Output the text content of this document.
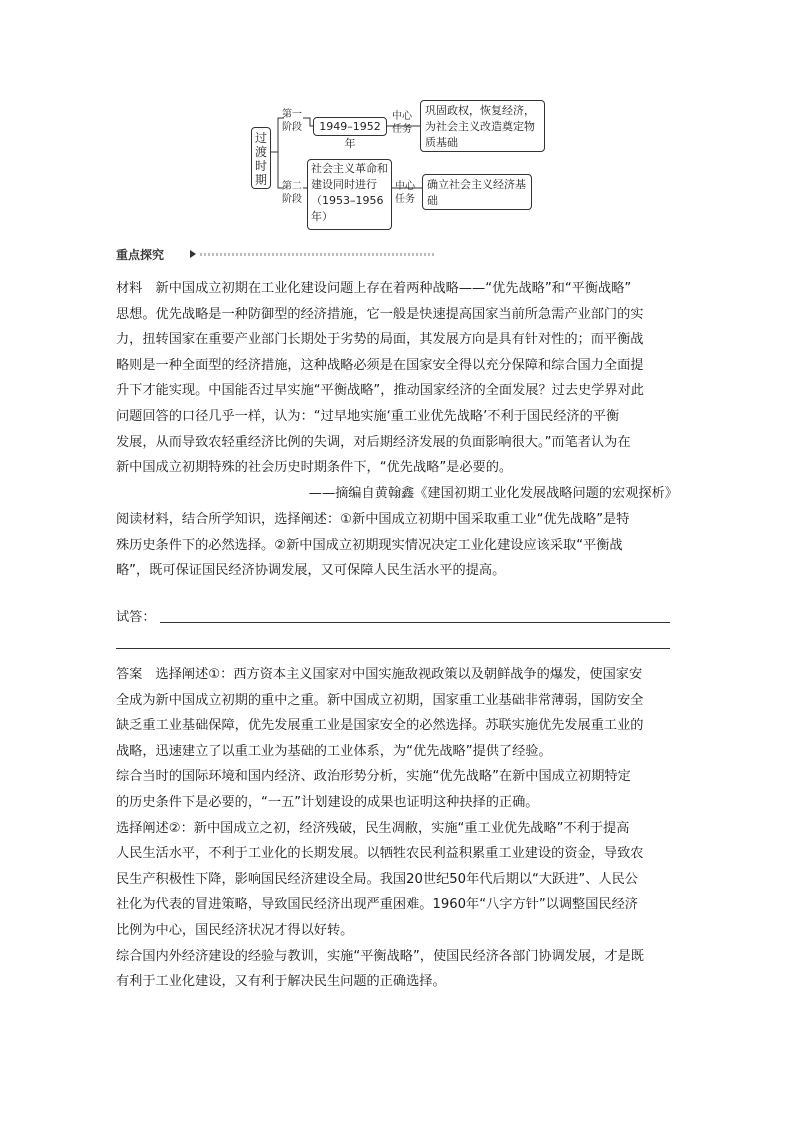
过
渡
时
期
第一
阶段	1949–1952年
中心
任务
巩固政权，恢复经济，为社会主义改造奠定物质基础
第二
阶段
社会主义革命和建设同时进行（1953–1956年）
中心
任务
确立社会主义经济基础
重点探究
材料　新中国成立初期在工业化建设问题上存在着两种战略——“优先战略”和“平衡战略”
思想。优先战略是一种防御型的经济措施，它一般是快速提高国家当前所急需产业部门的实
力，扭转国家在重要产业部门长期处于劣势的局面，其发展方向是具有针对性的；而平衡战
略则是一种全面型的经济措施，这种战略必须是在国家安全得以充分保障和综合国力全面提
升下才能实现。中国能否过早实施“平衡战略”，推动国家经济的全面发展？过去史学界对此
问题回答的口径几乎一样，认为：“过早地实施‘重工业优先战略’不利于国民经济的平衡
发展，从而导致农轻重经济比例的失调，对后期经济发展的负面影响很大。”而笔者认为在
新中国成立初期特殊的社会历史时期条件下，“优先战略”是必要的。
——摘编自黄翰鑫《建国初期工业化发展战略问题的宏观探析》
阅读材料，结合所学知识，选择阐述：①新中国成立初期中国采取重工业“优先战略”是特
殊历史条件下的必然选择。②新中国成立初期现实情况决定工业化建设应该采取“平衡战
略”，既可保证国民经济协调发展，又可保障人民生活水平的提高。
试答：
答案　选择阐述①：西方资本主义国家对中国实施敌视政策以及朝鲜战争的爆发，使国家安
全成为新中国成立初期的重中之重。新中国成立初期，国家重工业基础非常薄弱，国防安全
缺乏重工业基础保障，优先发展重工业是国家安全的必然选择。苏联实施优先发展重工业的
战略，迅速建立了以重工业为基础的工业体系，为“优先战略”提供了经验。
综合当时的国际环境和国内经济、政治形势分析，实施“优先战略”在新中国成立初期特定
的历史条件下是必要的，“一五”计划建设的成果也证明这种抉择的正确。
选择阐述②：新中国成立之初，经济残破，民生凋敝，实施“重工业优先战略”不利于提高
人民生活水平，不利于工业化的长期发展。以牺牲农民利益积累重工业建设的资金，导致农
民生产积极性下降，影响国民经济建设全局。我国20世纪50年代后期以“大跃进”、人民公
社化为代表的冒进策略，导致国民经济出现严重困难。1960年“八字方针”以调整国民经济
比例为中心，国民经济状况才得以好转。
综合国内外经济建设的经验与教训，实施“平衡战略”，使国民经济各部门协调发展，才是既
有利于工业化建设，又有利于解决民生问题的正确选择。
